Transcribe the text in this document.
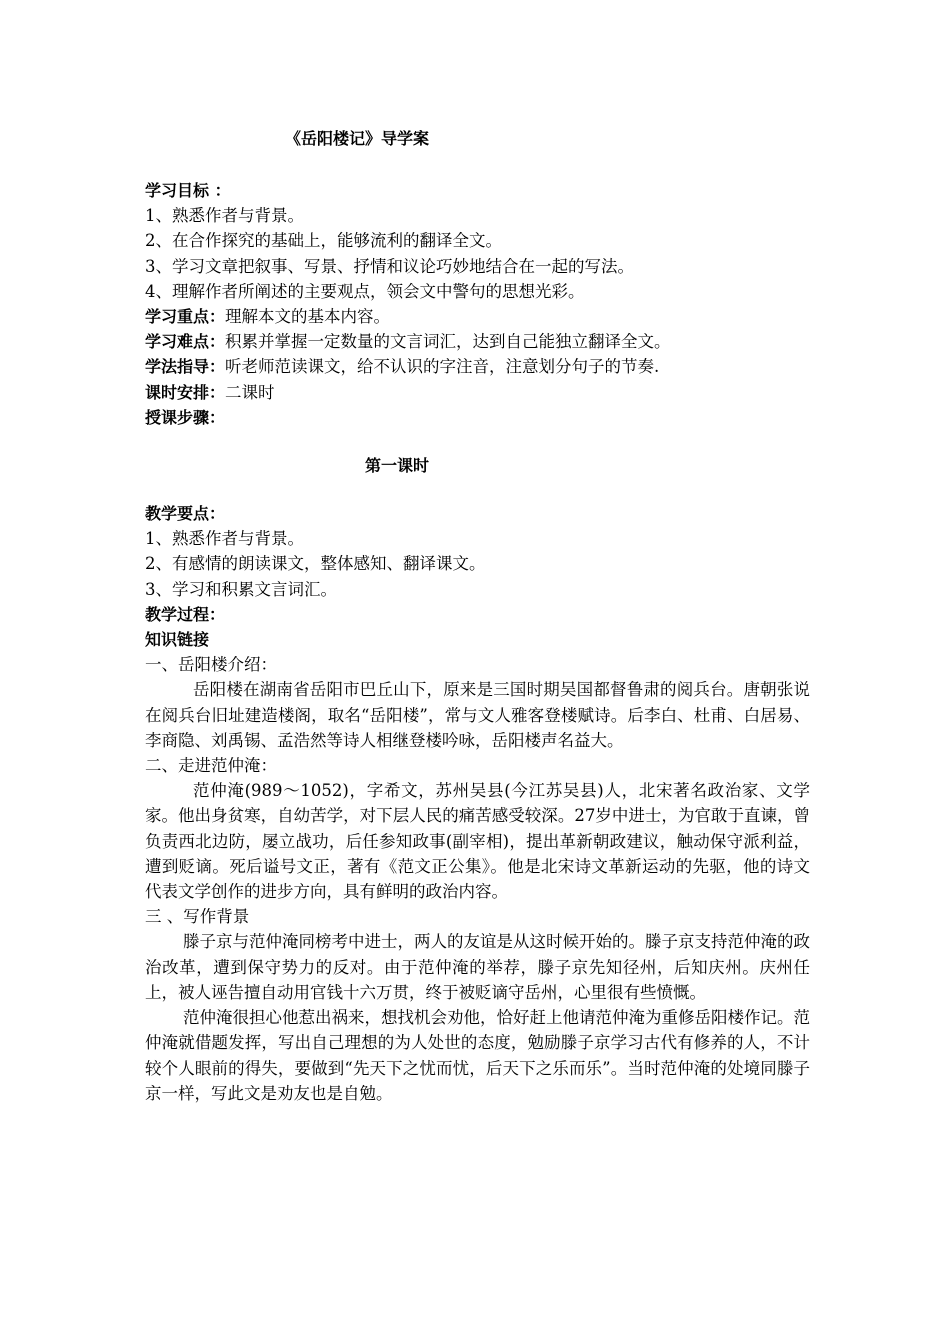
《岳阳楼记》导学案
学习目标 ：
1、熟悉作者与背景。
2、在合作探究的基础上，能够流利的翻译全文。
3、学习文章把叙事、写景、抒情和议论巧妙地结合在一起的写法。
4、理解作者所阐述的主要观点，领会文中警句的思想光彩。
学习重点：理解本文的基本内容。
学习难点：积累并掌握一定数量的文言词汇，达到自己能独立翻译全文。
学法指导：听老师范读课文，给不认识的字注音，注意划分句子的节奏.
课时安排：二课时
授课步骤：
第一课时
教学要点：
1、熟悉作者与背景。
2、有感情的朗读课文，整体感知、翻译课文。
3、学习和积累文言词汇。
教学过程：
知识链接
一、岳阳楼介绍：
岳阳楼在湖南省岳阳市巴丘山下，原来是三国时期吴国都督鲁肃的阅兵台。唐朝张说在阅兵台旧址建造楼阁，取名“岳阳楼”，常与文人雅客登楼赋诗。后李白、杜甫、白居易、李商隐、刘禹锡、孟浩然等诗人相继登楼吟咏，岳阳楼声名益大。
二、走进范仲淹：
范仲淹(989～1052)，字希文，苏州吴县(今江苏吴县)人，北宋著名政治家、文学家。他出身贫寒，自幼苦学，对下层人民的痛苦感受较深。27岁中进士，为官敢于直谏，曾负责西北边防，屡立战功，后任参知政事(副宰相)，提出革新朝政建议，触动保守派利益，遭到贬谪。死后谥号文正，著有《范文正公集》。他是北宋诗文革新运动的先驱，他的诗文代表文学创作的进步方向，具有鲜明的政治内容。
三 、写作背景
滕子京与范仲淹同榜考中进士，两人的友谊是从这时候开始的。滕子京支持范仲淹的政治改革，遭到保守势力的反对。由于范仲淹的举荐，滕子京先知径州，后知庆州。庆州任上，被人诬告擅自动用官钱十六万贯，终于被贬谪守岳州，心里很有些愤慨。
范仲淹很担心他惹出祸来，想找机会劝他，恰好赶上他请范仲淹为重修岳阳楼作记。范仲淹就借题发挥，写出自己理想的为人处世的态度，勉励滕子京学习古代有修养的人，不计较个人眼前的得失，要做到“先天下之忧而忧，后天下之乐而乐”。当时范仲淹的处境同滕子京一样，写此文是劝友也是自勉。
